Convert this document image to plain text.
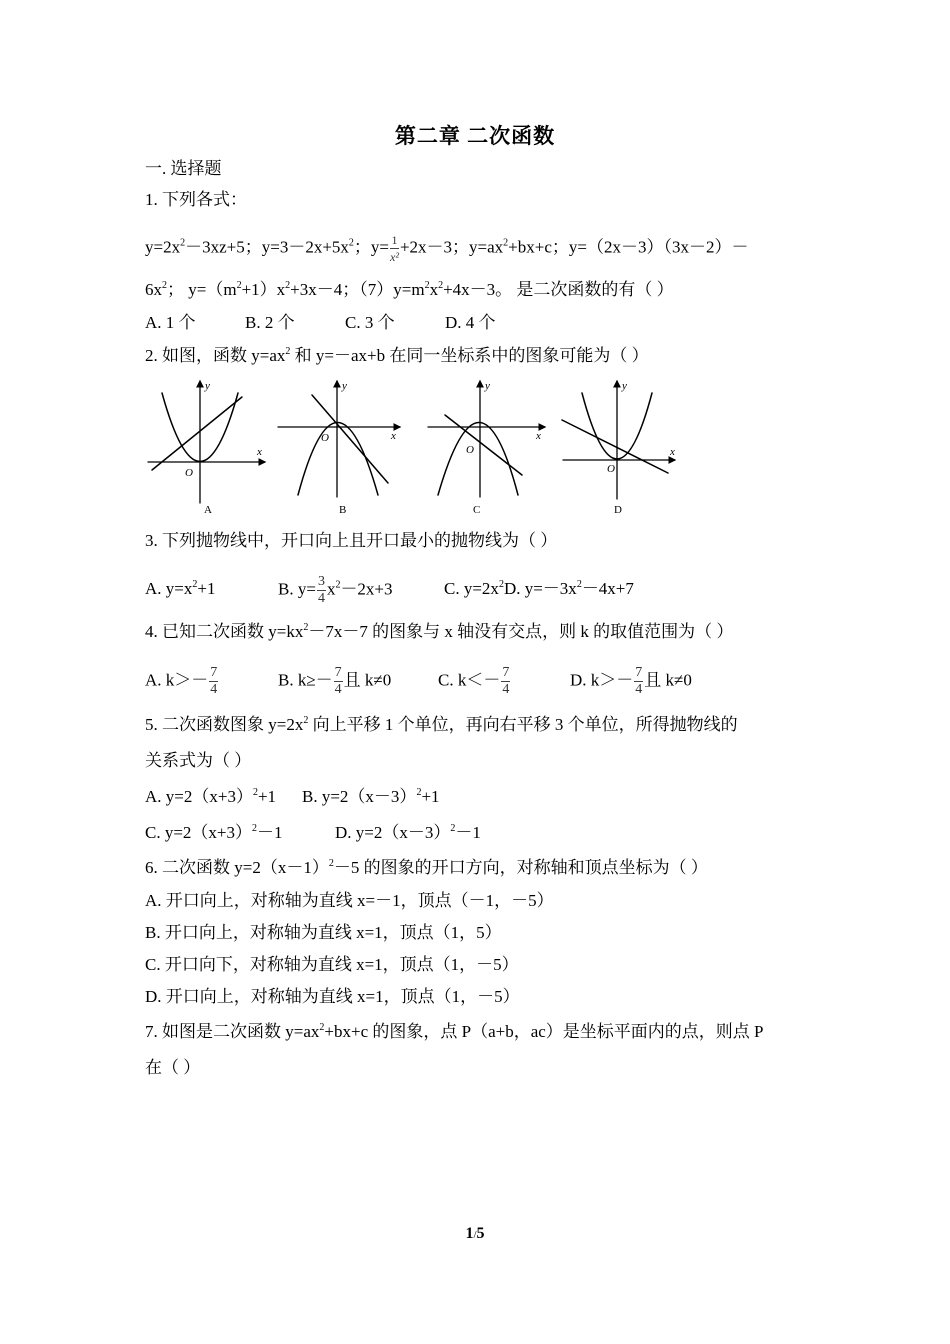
第二章 二次函数
一. 选择题
1. 下列各式：
$y=2x^2-3xz+5$；$y=3-2x+5x^2$；$y= \frac{1}{\text{x²}} +2x-3$；$y=ax^2+bx+c$；y=（2x－3）（3x－2）－
$6x^2$； $y=(m^2+1)x^2+3x-4$；$(7)y=m^2x^2+4x-3$。 是二次函数的有（ ）
A. 1 个	B. 2 个	C. 3 个	D. 4 个
2. 如图，函数 $y=ax^2$ 和 y=－ax+b 在同一坐标系中的图象可能为（ ）
x
y
O
A
x
y
O
B
x
y
O
C
x
y
O
D
3. 下列抛物线中，开口向上且开口最小的抛物线为（ ）
A. $y=x^2+1$	B. $y= \frac{3}{4} x^2-2x+3$	C. $y=2x^2D$. $y=-3x^2-4x+7$
4. 已知二次函数 $y=kx^2-7x-7$ 的图象与 x 轴没有交点，则 k 的取值范围为（ ）
A. $k>- \frac{7}{4}$	B. $k\ge- \frac{7}{4}$ 且 k≠0	C. $k<- \frac{7}{4}$	D. $k>- \frac{7}{4}$ 且 k≠0
5. 二次函数图象 $y=2x^2$ 向上平移 1 个单位，再向右平移 3 个单位，所得抛物线的
关系式为（ ）
A. $y=2(x+3)^2+1$ B. $y=2(x-3)^2+1$
C. $y=2(x+3)^2-1$	D. $y=2(x-3)^2-1$
6. 二次函数 $y=2(x-1)^2-5$ 的图象的开口方向，对称轴和顶点坐标为（ ）
A. 开口向上，对称轴为直线 x=－1，顶点（－1，－5）
B. 开口向上，对称轴为直线 x=1，顶点（1，5）
C. 开口向下，对称轴为直线 x=1，顶点（1，－5）
D. 开口向上，对称轴为直线 x=1，顶点（1，－5）
7. 如图是二次函数 $y=ax^2+bx+c$ 的图象，点 P（a+b，ac）是坐标平面内的点，则点 P
在（ ）
1/5
